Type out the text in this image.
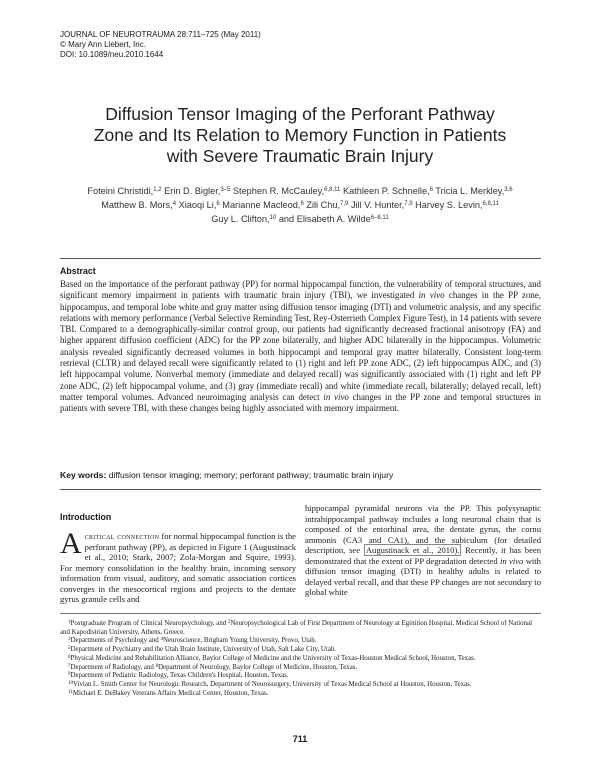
JOURNAL OF NEUROTRAUMA 28:711–725 (May 2011)
© Mary Ann Liebert, Inc.
DOI: 10.1089/neu.2010.1644
Diffusion Tensor Imaging of the Perforant Pathway
Zone and Its Relation to Memory Function in Patients
with Severe Traumatic Brain Injury
Foteini Christidi,$^{1,2}$ Erin D. Bigler,$^{3-5}$ Stephen R. McCauley,$^{6,8,11}$ Kathleen P. Schnelle,$^6$ Tricia L. Merkley,$^{3,6}$
Matthew B. Mors,$^4$ Xiaoqi Li,$^6$ Marianne Macleod,$^6$ Zili Chu,$^{7,9}$ Jill V. Hunter,$^{7,9}$ Harvey S. Levin,$^{6,8,11}$
Guy L. Clifton,$^{10}$ and Elisabeth A. Wilde$^{6-8,11}$
Abstract

Based on the importance of the perforant pathway (PP) for normal hippocampal function, the vulnerability of temporal structures, and significant memory impairment in patients with traumatic brain injury (TBI), we investigated in vivo changes in the PP zone, hippocampus, and temporal lobe white and gray matter using diffusion tensor imaging (DTI) and volumetric analysis, and any specific relations with memory performance (Verbal Selective Reminding Test, Rey-Osterrieth Complex Figure Test), in 14 patients with severe TBI. Compared to a demographically-similar control group, our patients had significantly decreased fractional anisotropy (FA) and higher apparent diffusion coefficient (ADC) for the PP zone bilaterally, and higher ADC bilaterally in the hippocampus. Volumetric analysis revealed significantly decreased volumes in both hippocampi and temporal gray matter bilaterally. Consistent long-term retrieval (CLTR) and delayed recall were significantly related to (1) right and left PP zone ADC, (2) left hippocampus ADC, and (3) left hippocampal volume. Nonverbal memory (immediate and delayed recall) was significantly associated with (1) right and left PP zone ADC, (2) left hippocampal volume, and (3) gray (immediate recall) and white (immediate recall, bilaterally; delayed recall, left) matter temporal volumes. Advanced neuroimaging analysis can detect in vivo changes in the PP zone and temporal structures in patients with severe TBI, with these changes being highly associated with memory impairment.

Key words: diffusion tensor imaging; memory; perforant pathway; traumatic brain injury
Introduction

Acritical connection for normal hippocampal function is the perforant pathway (PP), as depicted in Figure 1 (Augustinack et al., 2010; Stark, 2007; Zola-Morgan and Squire, 1993). For memory consolidation in the healthy brain, incoming sensory information from visual, auditory, and somatic association cortices converges in the mesocortical regions and projects to the dentate gyrus granule cells and

hippocampal pyramidal neurons via the PP. This polysynaptic intrahippocampal pathway includes a long neuronal chain that is composed of the entorhinal area, the dentate gyrus, the cornu ammonis (CA3 and CA1), and the subiculum (for detailed description, see Augustinack et al., 2010). Recently, it has been demonstrated that the extent of PP degradation detected in vivo with diffusion tensor imaging (DTI) in healthy adults is related to delayed verbal recall, and that these PP changes are not secondary to global white

$^1$Postgraduate Program of Clinical Neuropsychology, and $^2$Neuropsychological Lab of First Department of Neurology at Eginition Hospital, Medical School of National and Kapodistrian University, Athens, Greece.
$^3$Departments of Psychology and $^4$Neuroscience, Brigham Young University, Provo, Utah.
$^5$Department of Psychiatry and the Utah Brain Institute, University of Utah, Salt Lake City, Utah.
$^6$Physical Medicine and Rehabilitation Alliance, Baylor College of Medicine and the University of Texas-Houston Medical School, Houston, Texas.
$^7$Department of Radiology, and $^8$Department of Neurology, Baylor College of Medicine, Houston, Texas.
$^9$Department of Pediatric Radiology, Texas Children's Hospital, Houston, Texas.
$^{10}$Vivian L. Smith Center for Neurologic Research, Department of Neurosurgery, University of Texas Medical School at Houston, Houston, Texas.
$^{11}$Michael E. DeBakey Veterans Affairs Medical Center, Houston, Texas.
711
